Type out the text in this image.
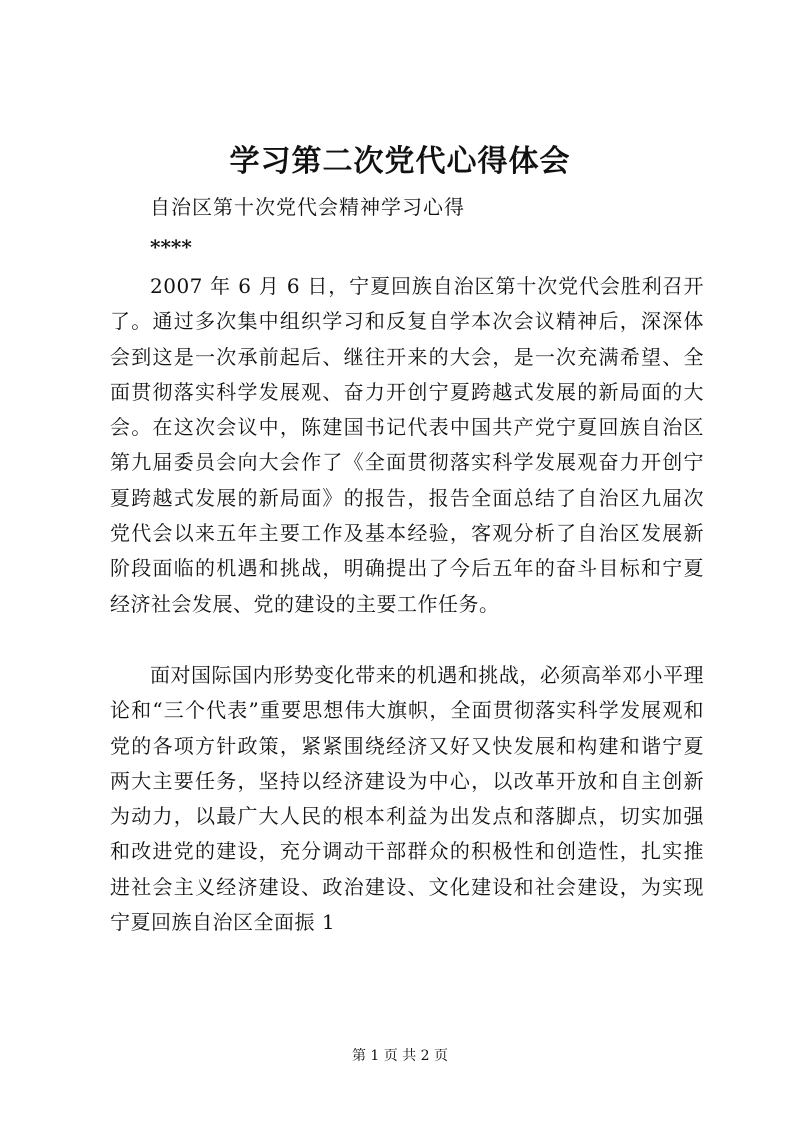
学习第二次党代心得体会
自治区第十次党代会精神学习心得
****

2007 年 6 月 6 日，宁夏回族自治区第十次党代会胜利召开了。通过多次集中组织学习和反复自学本次会议精神后，深深体会到这是一次承前起后、继往开来的大会，是一次充满希望、全面贯彻落实科学发展观、奋力开创宁夏跨越式发展的新局面的大会。在这次会议中，陈建国书记代表中国共产党宁夏回族自治区第九届委员会向大会作了《全面贯彻落实科学发展观奋力开创宁夏跨越式发展的新局面》的报告，报告全面总结了自治区九届次党代会以来五年主要工作及基本经验，客观分析了自治区发展新阶段面临的机遇和挑战，明确提出了今后五年的奋斗目标和宁夏经济社会发展、党的建设的主要工作任务。

面对国际国内形势变化带来的机遇和挑战，必须高举邓小平理论和“三个代表”重要思想伟大旗帜，全面贯彻落实科学发展观和党的各项方针政策，紧紧围绕经济又好又快发展和构建和谐宁夏两大主要任务，坚持以经济建设为中心，以改革开放和自主创新为动力，以最广大人民的根本利益为出发点和落脚点，切实加强和改进党的建设，充分调动干部群众的积极性和创造性，扎实推进社会主义经济建设、政治建设、文化建设和社会建设，为实现宁夏回族自治区全面振 1

第 1 页 共 2 页
